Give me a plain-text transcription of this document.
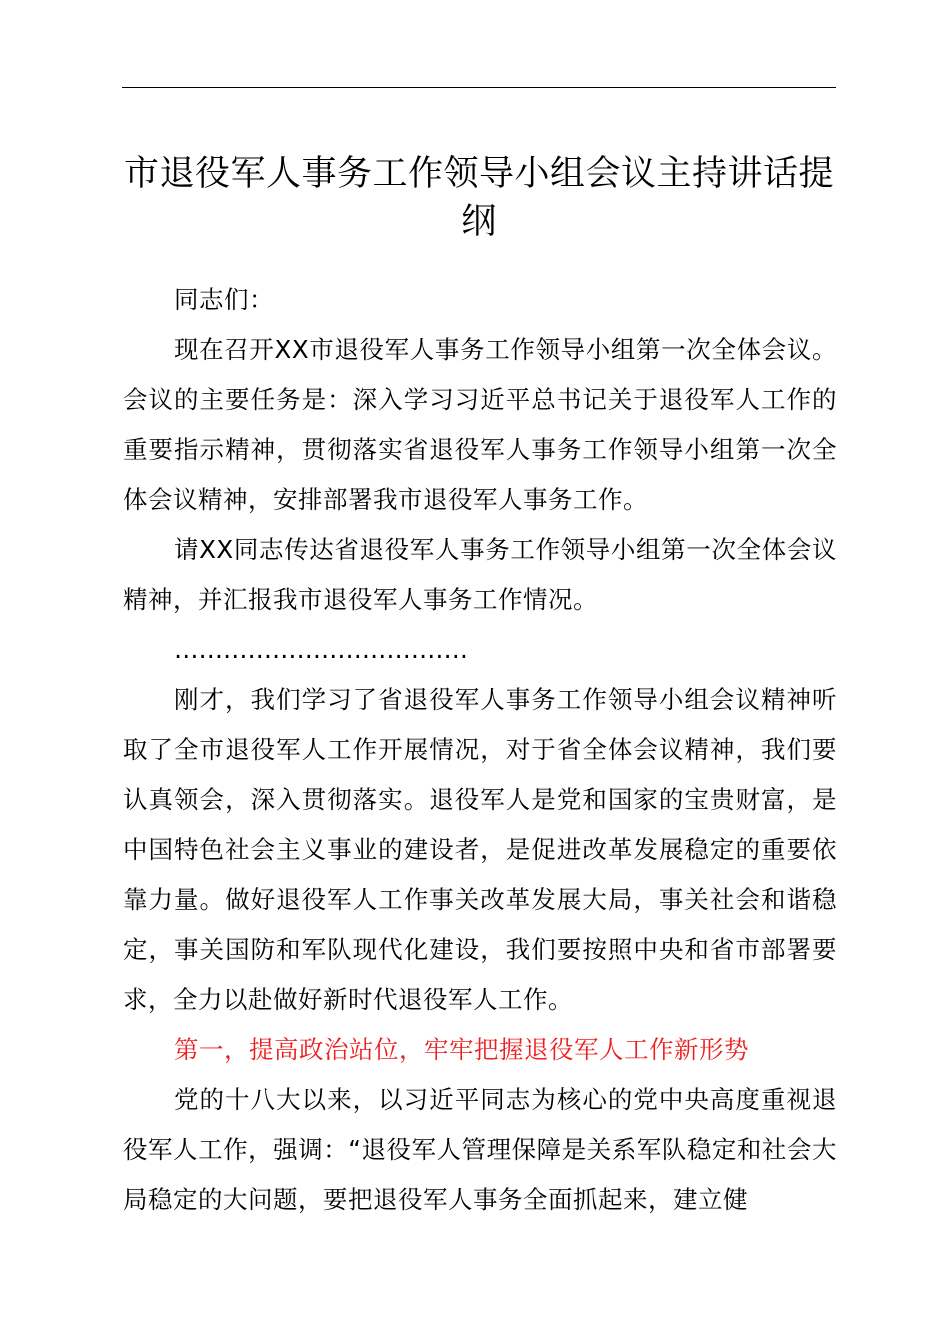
市退役军人事务工作领导小组会议主持讲话提纲

同志们：

现在召开XX市退役军人事务工作领导小组第一次全体会议。会议的主要任务是：深入学习习近平总书记关于退役军人工作的重要指示精神，贯彻落实省退役军人事务工作领导小组第一次全体会议精神，安排部署我市退役军人事务工作。

请XX同志传达省退役军人事务工作领导小组第一次全体会议精神，并汇报我市退役军人事务工作情况。

………………………………

刚才，我们学习了省退役军人事务工作领导小组会议精神听取了全市退役军人工作开展情况，对于省全体会议精神，我们要认真领会，深入贯彻落实。退役军人是党和国家的宝贵财富，是中国特色社会主义事业的建设者，是促进改革发展稳定的重要依靠力量。做好退役军人工作事关改革发展大局，事关社会和谐稳定，事关国防和军队现代化建设，我们要按照中央和省市部署要求，全力以赴做好新时代退役军人工作。

第一，提高政治站位，牢牢把握退役军人工作新形势

党的十八大以来，以习近平同志为核心的党中央高度重视退役军人工作，强调：“退役军人管理保障是关系军队稳定和社会大局稳定的大问题，要把退役军人事务全面抓起来，建立健
